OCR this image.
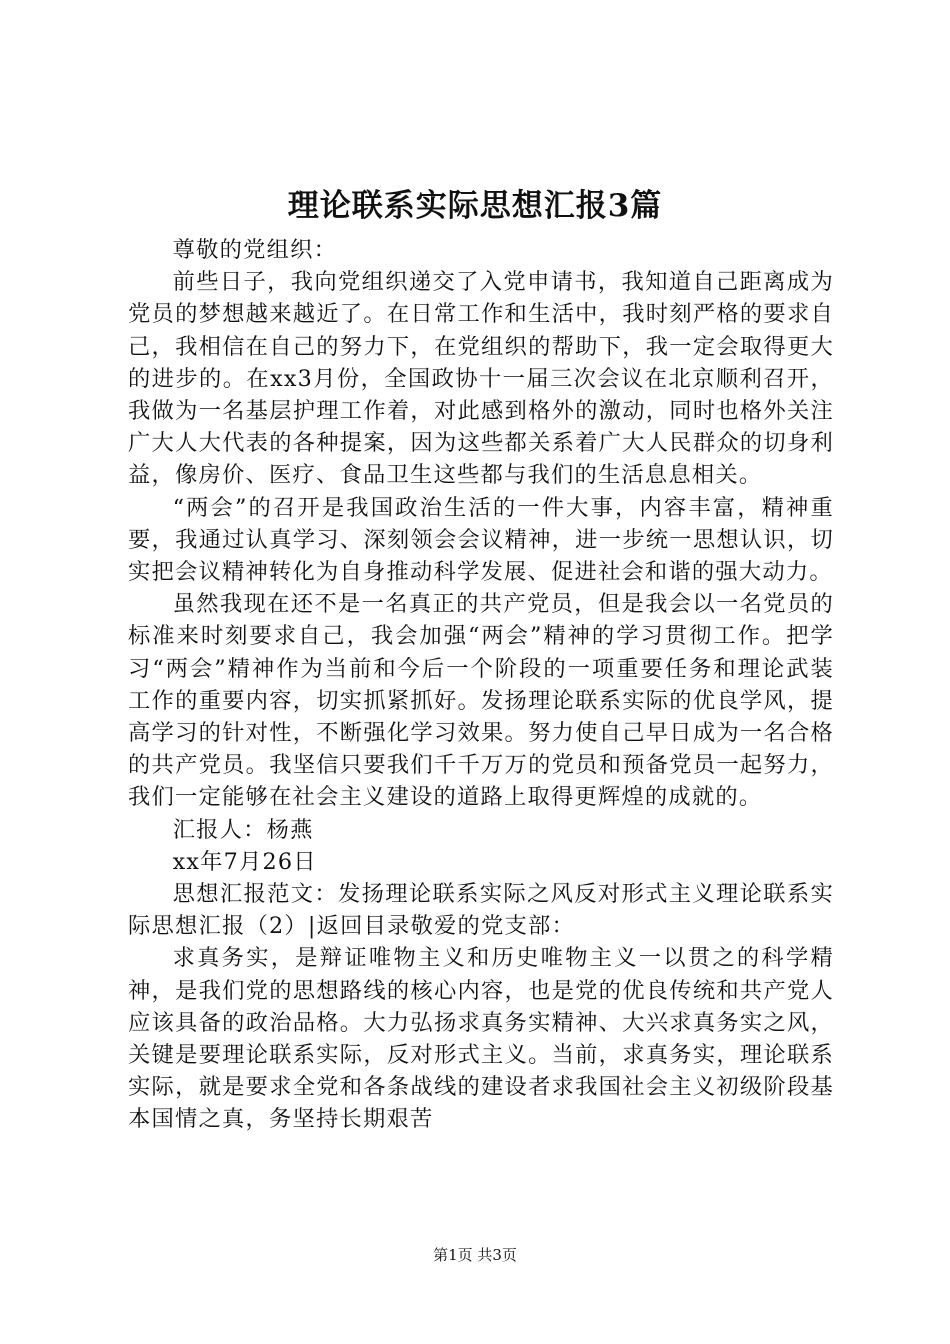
理论联系实际思想汇报3篇

尊敬的党组织：

前些日子，我向党组织递交了入党申请书，我知道自己距离成为党员的梦想越来越近了。在日常工作和生活中，我时刻严格的要求自己，我相信在自己的努力下，在党组织的帮助下，我一定会取得更大的进步的。在xx3月份，全国政协十一届三次会议在北京顺利召开，我做为一名基层护理工作着，对此感到格外的激动，同时也格外关注广大人大代表的各种提案，因为这些都关系着广大人民群众的切身利益，像房价、医疗、食品卫生这些都与我们的生活息息相关。

“两会”的召开是我国政治生活的一件大事，内容丰富，精神重要，我通过认真学习、深刻领会会议精神，进一步统一思想认识，切实把会议精神转化为自身推动科学发展、促进社会和谐的强大动力。

虽然我现在还不是一名真正的共产党员，但是我会以一名党员的标准来时刻要求自己，我会加强“两会”精神的学习贯彻工作。把学习“两会”精神作为当前和今后一个阶段的一项重要任务和理论武装工作的重要内容，切实抓紧抓好。发扬理论联系实际的优良学风，提高学习的针对性，不断强化学习效果。努力使自己早日成为一名合格的共产党员。我坚信只要我们千千万万的党员和预备党员一起努力，我们一定能够在社会主义建设的道路上取得更辉煌的成就的。

汇报人：杨燕

xx年7月26日

思想汇报范文：发扬理论联系实际之风反对形式主义理论联系实际思想汇报（2）|返回目录敬爱的党支部：

求真务实，是辩证唯物主义和历史唯物主义一以贯之的科学精神，是我们党的思想路线的核心内容，也是党的优良传统和共产党人应该具备的政治品格。大力弘扬求真务实精神、大兴求真务实之风，关键是要理论联系实际，反对形式主义。当前，求真务实，理论联系实际，就是要求全党和各条战线的建设者求我国社会主义初级阶段基本国情之真，务坚持长期艰苦

第1页 共3页
